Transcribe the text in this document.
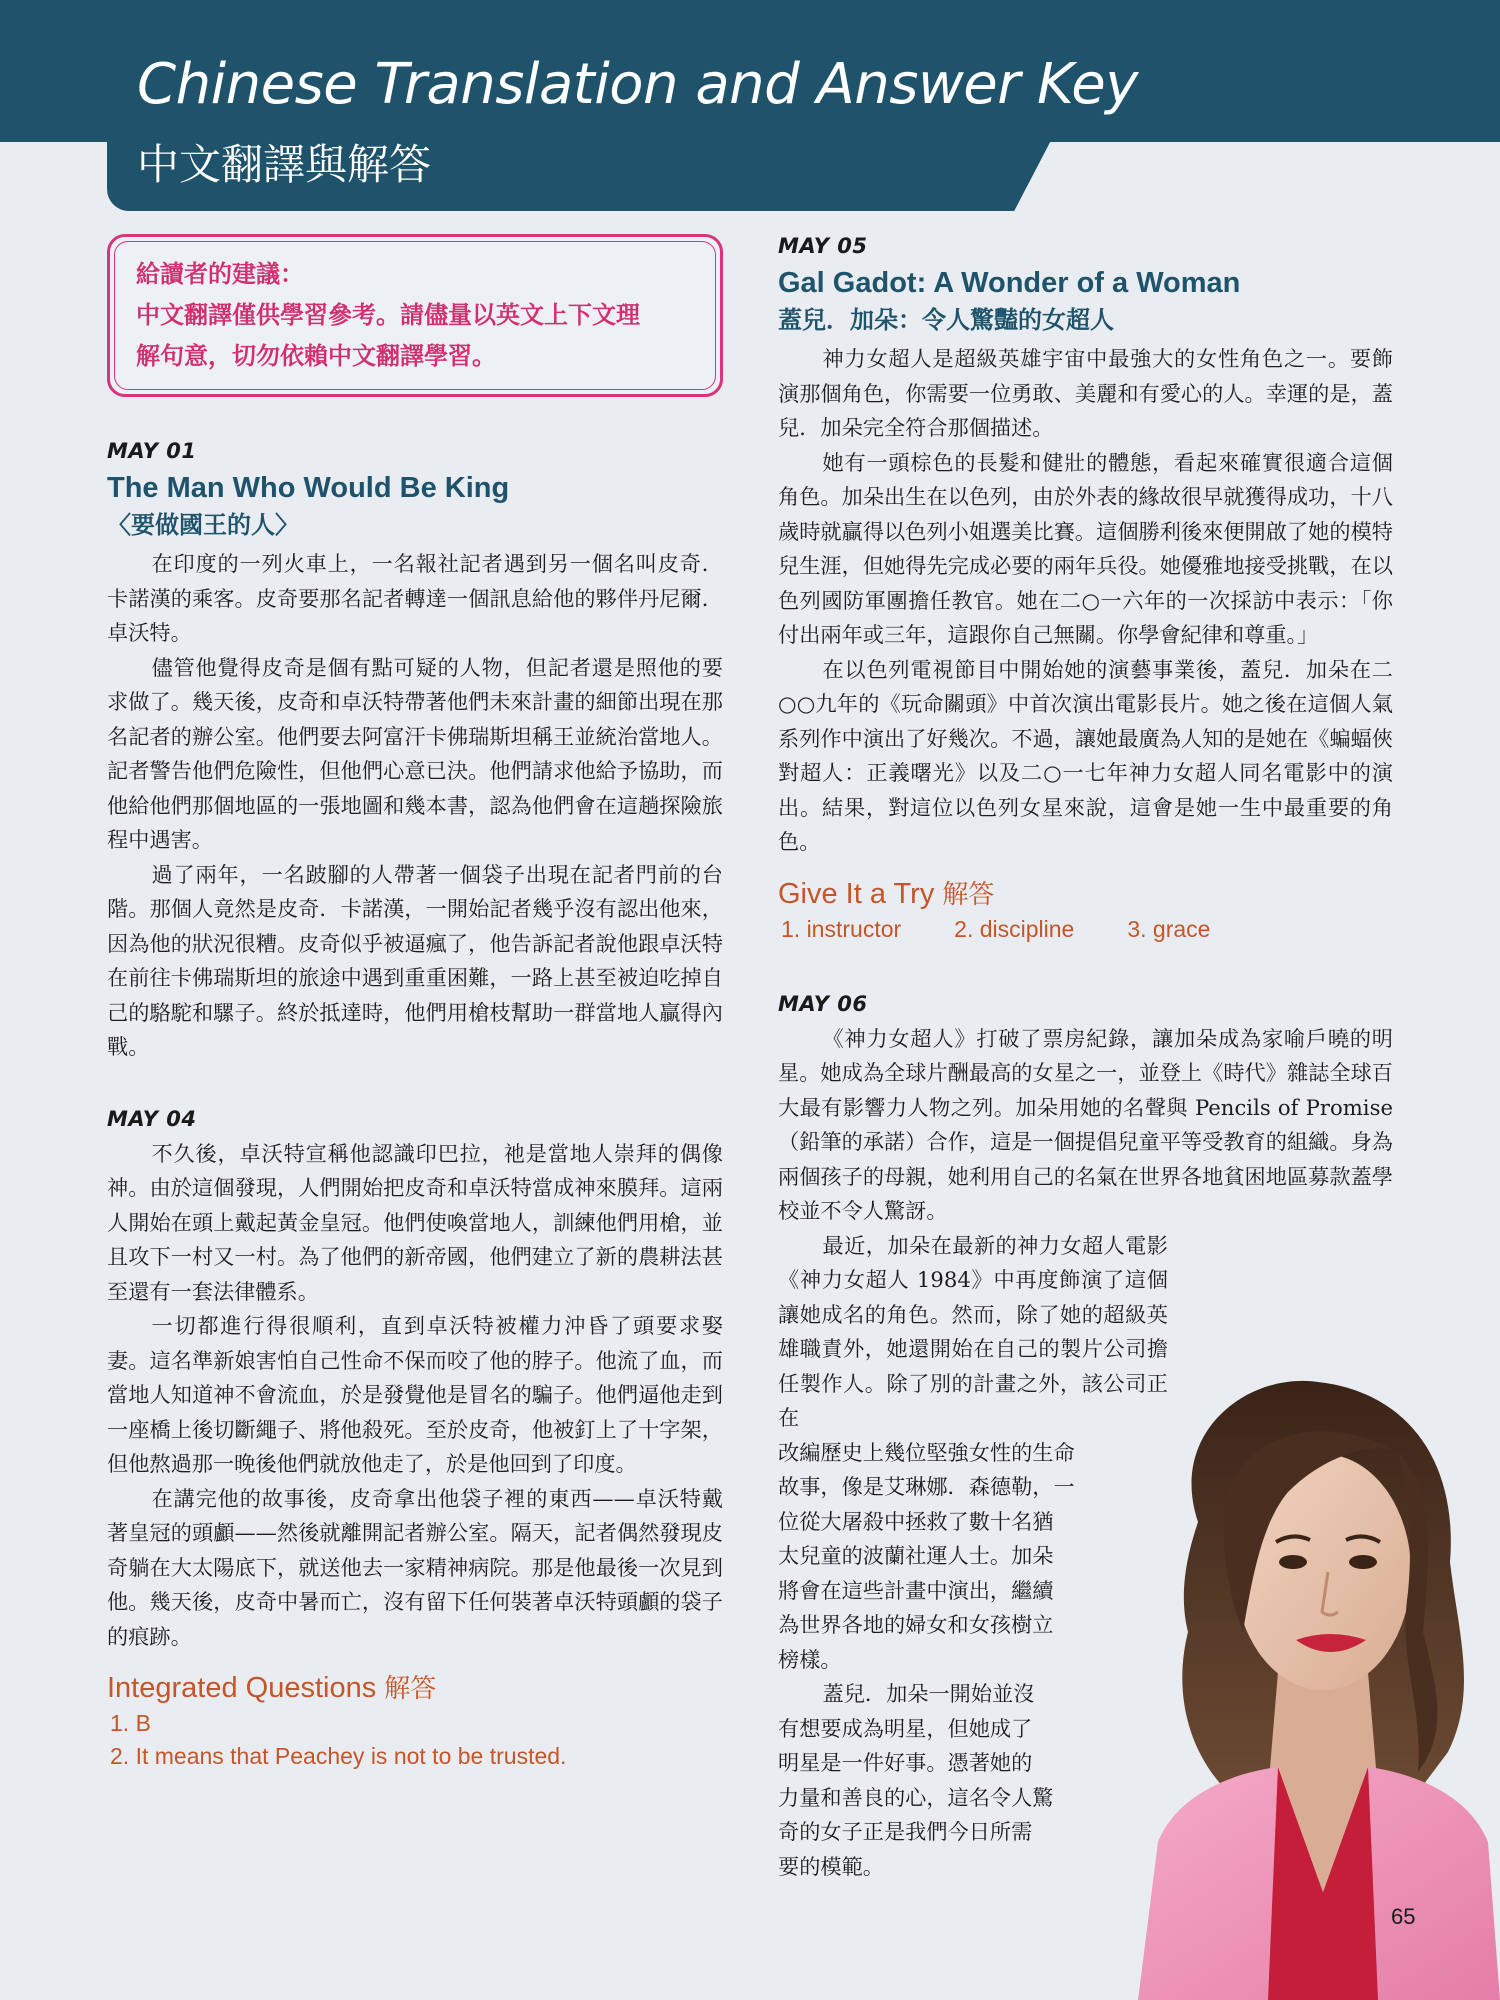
Chinese Translation and Answer Key
中文翻譯與解答

給讀者的建議：

中文翻譯僅供學習參考。請儘量以英文上下文理

解句意，切勿依賴中文翻譯學習。

MAY 01

The Man Who Would Be King

〈要做國王的人〉

在印度的一列火車上，一名報社記者遇到另一個名叫皮奇．卡諾漢的乘客。皮奇要那名記者轉達一個訊息給他的夥伴丹尼爾．卓沃特。

儘管他覺得皮奇是個有點可疑的人物，但記者還是照他的要求做了。幾天後，皮奇和卓沃特帶著他們未來計畫的細節出現在那名記者的辦公室。他們要去阿富汗卡佛瑞斯坦稱王並統治當地人。記者警告他們危險性，但他們心意已決。他們請求他給予協助，而他給他們那個地區的一張地圖和幾本書，認為他們會在這趟探險旅程中遇害。

過了兩年，一名跛腳的人帶著一個袋子出現在記者門前的台階。那個人竟然是皮奇．卡諾漢，一開始記者幾乎沒有認出他來，因為他的狀況很糟。皮奇似乎被逼瘋了，他告訴記者說他跟卓沃特在前往卡佛瑞斯坦的旅途中遇到重重困難，一路上甚至被迫吃掉自己的駱駝和騾子。終於抵達時，他們用槍枝幫助一群當地人贏得內戰。

MAY 04

不久後，卓沃特宣稱他認識印巴拉，祂是當地人崇拜的偶像神。由於這個發現，人們開始把皮奇和卓沃特當成神來膜拜。這兩人開始在頭上戴起黃金皇冠。他們使喚當地人，訓練他們用槍，並且攻下一村又一村。為了他們的新帝國，他們建立了新的農耕法甚至還有一套法律體系。

一切都進行得很順利，直到卓沃特被權力沖昏了頭要求娶妻。這名準新娘害怕自己性命不保而咬了他的脖子。他流了血，而當地人知道神不會流血，於是發覺他是冒名的騙子。他們逼他走到一座橋上後切斷繩子、將他殺死。至於皮奇，他被釘上了十字架，但他熬過那一晚後他們就放他走了，於是他回到了印度。

在講完他的故事後，皮奇拿出他袋子裡的東西——卓沃特戴著皇冠的頭顱——然後就離開記者辦公室。隔天，記者偶然發現皮奇躺在大太陽底下，就送他去一家精神病院。那是他最後一次見到他。幾天後，皮奇中暑而亡，沒有留下任何裝著卓沃特頭顱的袋子的痕跡。

Integrated Questions 解答

1. B

2. It means that Peachey is not to be trusted.

MAY 05

Gal Gadot: A Wonder of a Woman

蓋兒．加朵：令人驚豔的女超人

神力女超人是超級英雄宇宙中最強大的女性角色之一。要飾演那個角色，你需要一位勇敢、美麗和有愛心的人。幸運的是，蓋兒．加朵完全符合那個描述。

她有一頭棕色的長髮和健壯的體態，看起來確實很適合這個角色。加朵出生在以色列，由於外表的緣故很早就獲得成功，十八歲時就贏得以色列小姐選美比賽。這個勝利後來便開啟了她的模特兒生涯，但她得先完成必要的兩年兵役。她優雅地接受挑戰，在以色列國防軍團擔任教官。她在二○一六年的一次採訪中表示：「你付出兩年或三年，這跟你自己無關。你學會紀律和尊重。」

在以色列電視節目中開始她的演藝事業後，蓋兒．加朵在二○○九年的《玩命關頭》中首次演出電影長片。她之後在這個人氣系列作中演出了好幾次。不過，讓她最廣為人知的是她在《蝙蝠俠對超人：正義曙光》以及二○一七年神力女超人同名電影中的演出。結果，對這位以色列女星來說，這會是她一生中最重要的角色。

Give It a Try 解答

1. instructor 2. discipline 3. grace

MAY 06

《神力女超人》打破了票房紀錄，讓加朵成為家喻戶曉的明星。她成為全球片酬最高的女星之一，並登上《時代》雜誌全球百大最有影響力人物之列。加朵用她的名聲與 Pencils of Promise（鉛筆的承諾）合作，這是一個提倡兒童平等受教育的組織。身為兩個孩子的母親，她利用自己的名氣在世界各地貧困地區募款蓋學校並不令人驚訝。

最近，加朵在最新的神力女超人電影《神力女超人 1984》中再度飾演了這個讓她成名的角色。然而，除了她的超級英雄職責外，她還開始在自己的製片公司擔任製作人。除了別的計畫之外，該公司正在

改編歷史上幾位堅強女性的生命
故事，像是艾琳娜．森德勒，一
位從大屠殺中拯救了數十名猶
太兒童的波蘭社運人士。加朵
將會在這些計畫中演出，繼續
為世界各地的婦女和女孩樹立
榜樣。
蓋兒．加朵一開始並沒
有想要成為明星，但她成了
明星是一件好事。憑著她的
力量和善良的心，這名令人驚
奇的女子正是我們今日所需
要的模範。
65
